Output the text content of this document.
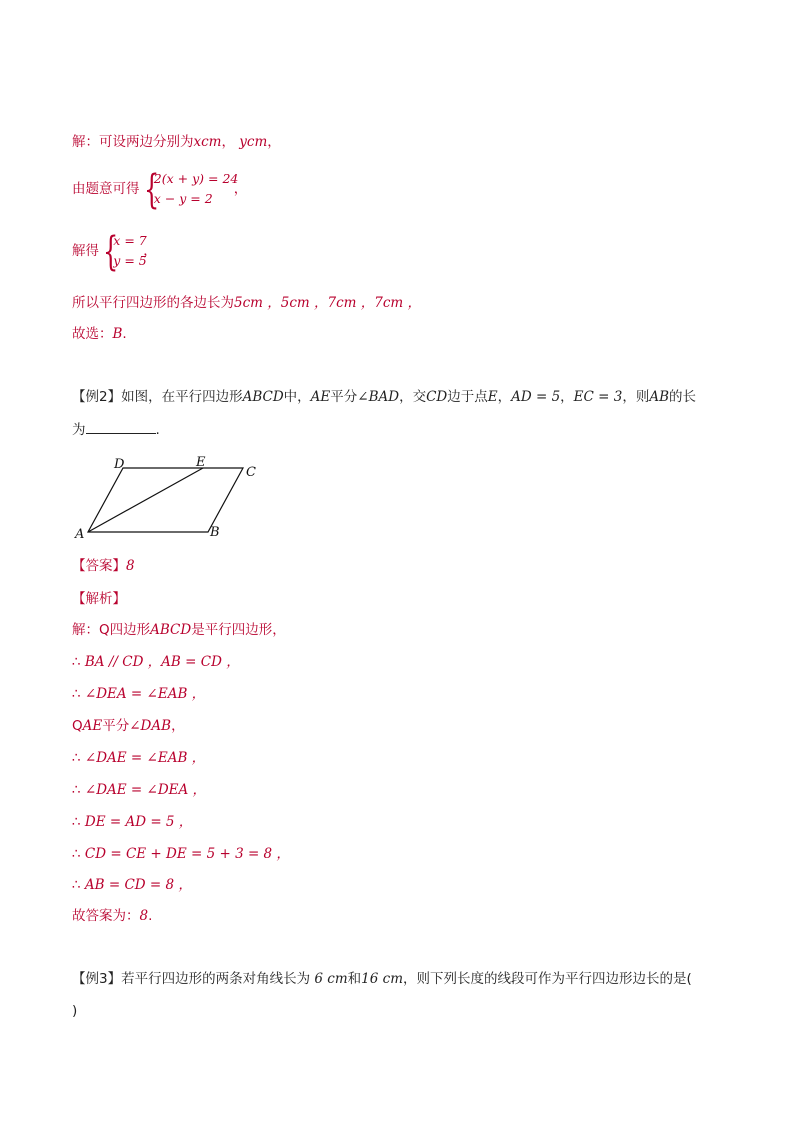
解：可设两边分别为xcm， ycm，
由题意可得 {
2(x + y) = 24
x − y = 2
，
解得 {
x = 7
y = 5
，
所以平行四边形的各边长为5cm ，5cm ，7cm ，7cm ，
故选：B.
【例2】如图，在平行四边形ABCD中，AE平分∠BAD，交CD边于点E，AD = 5，EC = 3，则AB的长
为	.
D	E
C
A	B
【答案】8
【解析】
解：Q四边形ABCD是平行四边形，
∴ BA // CD ，AB = CD ，
∴ ∠DEA = ∠EAB ，
QAE平分∠DAB，
∴ ∠DAE = ∠EAB ，
∴ ∠DAE = ∠DEA ，
∴ DE = AD = 5 ，
∴ CD = CE + DE = 5 + 3 = 8 ，
∴ AB = CD = 8 ，
故答案为：8.
【例3】若平行四边形的两条对角线长为 6 cm和16 cm，则下列长度的线段可作为平行四边形边长的是(
)
